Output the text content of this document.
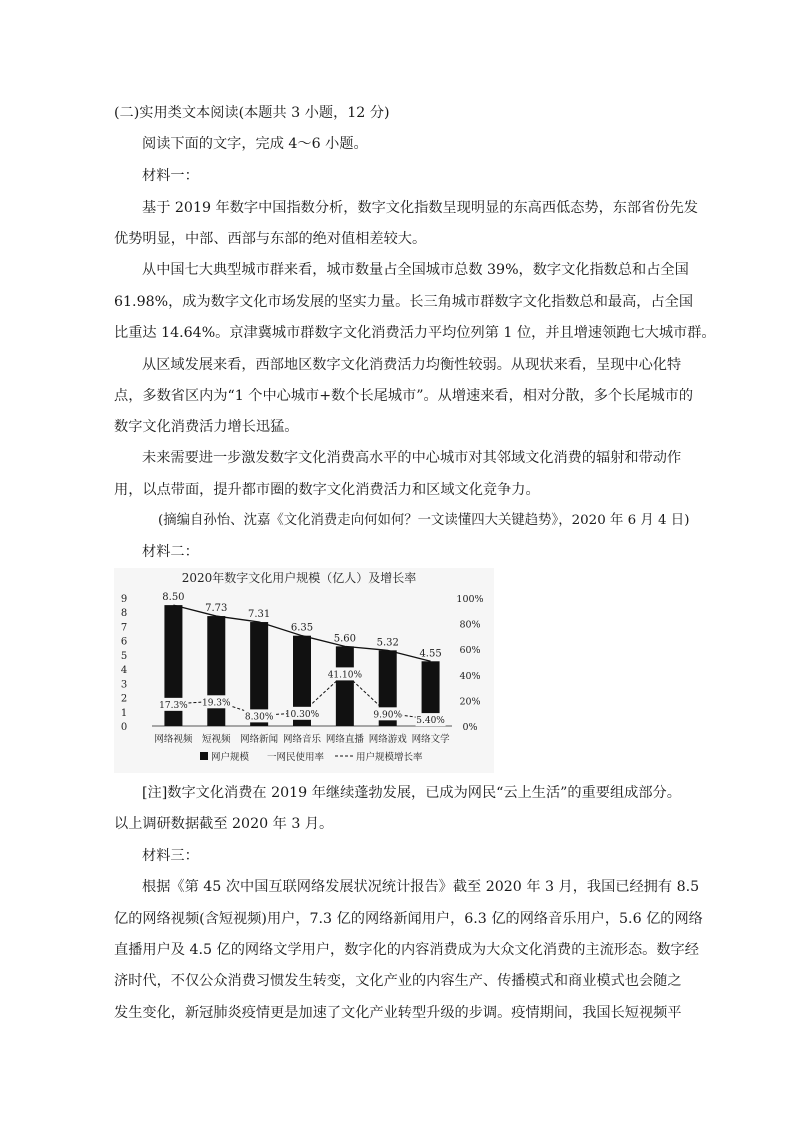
(二)实用类文本阅读(本题共 3 小题，12 分)
阅读下面的文字，完成 4～6 小题。
材料一：
基于 2019 年数字中国指数分析，数字文化指数呈现明显的东高西低态势，东部省份先发
优势明显，中部、西部与东部的绝对值相差较大。
从中国七大典型城市群来看，城市数量占全国城市总数 39%，数字文化指数总和占全国
61.98%，成为数字文化市场发展的坚实力量。长三角城市群数字文化指数总和最高，占全国
比重达 14.64%。京津冀城市群数字文化消费活力平均位列第 1 位，并且增速领跑七大城市群。
从区域发展来看，西部地区数字文化消费活力均衡性较弱。从现状来看，呈现中心化特
点，多数省区内为“1 个中心城市+数个长尾城市”。从增速来看，相对分散，多个长尾城市的
数字文化消费活力增长迅猛。
未来需要进一步激发数字文化消费高水平的中心城市对其邻域文化消费的辐射和带动作
用，以点带面，提升都市圈的数字文化消费活力和区域文化竞争力。
(摘编自孙怡、沈嘉《文化消费走向何如何？一文读懂四大关键趋势》，2020 年 6 月 4 日)
材料二：
2020年数字文化用户规模（亿人）及增长率
0
1
2
3
4
5
6
7
8
9
0%
20%
40%
60%
80%
100%
8.50
7.73
7.31
6.35
5.60 5.32
4.55
17.3% 19.3%
8.30% 10.30%
41.10%
9.90%
5.40%
网络视频 短视频 网络新闻 网络音乐 网络直播 网络游戏 网络文学
网户规模 一网民使用率	用户规模增长率
[注]数字文化消费在 2019 年继续蓬勃发展，已成为网民“云上生活”的重要组成部分。
以上调研数据截至 2020 年 3 月。
材料三：
根据《第 45 次中国互联网络发展状况统计报告》截至 2020 年 3 月，我国已经拥有 8.5
亿的网络视频(含短视频)用户，7.3 亿的网络新闻用户，6.3 亿的网络音乐用户，5.6 亿的网络
直播用户及 4.5 亿的网络文学用户，数字化的内容消费成为大众文化消费的主流形态。数字经
济时代，不仅公众消费习惯发生转变，文化产业的内容生产、传播模式和商业模式也会随之
发生变化，新冠肺炎疫情更是加速了文化产业转型升级的步调。疫情期间，我国长短视频平
